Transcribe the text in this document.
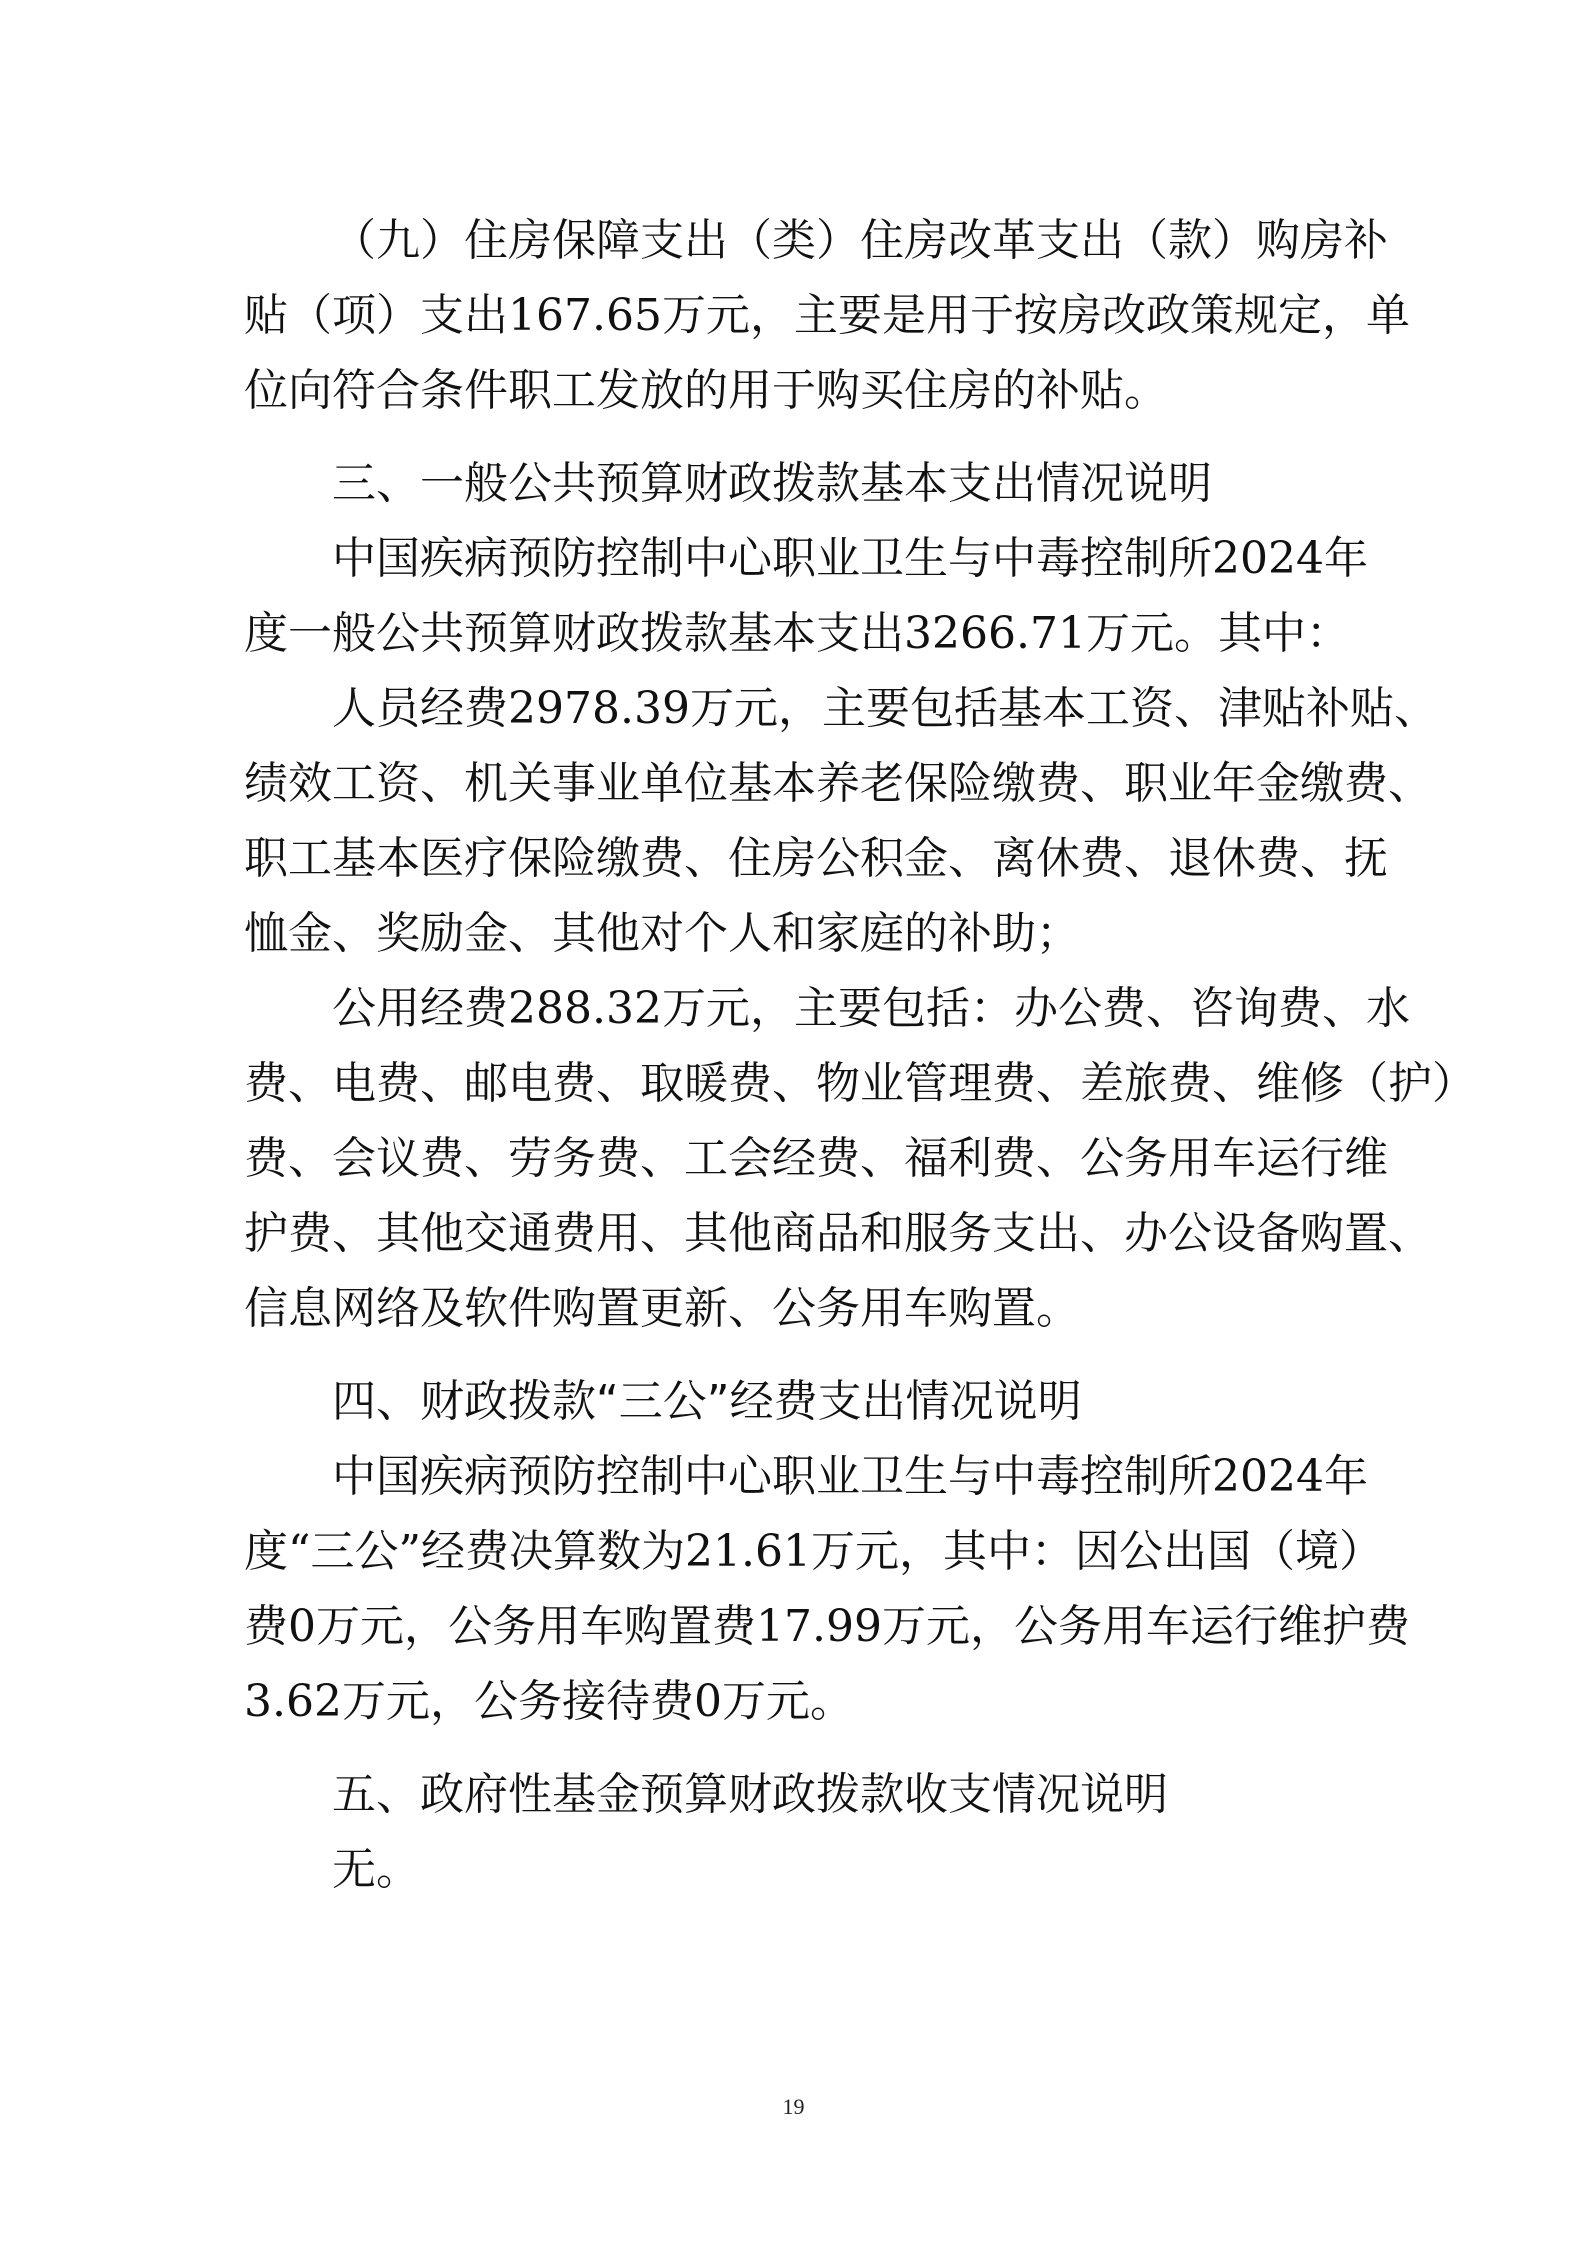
（九）住房保障支出（类）住房改革支出（款）购房补
贴（项）支出167.65万元，主要是用于按房改政策规定，单
位向符合条件职工发放的用于购买住房的补贴。
三、一般公共预算财政拨款基本支出情况说明
中国疾病预防控制中心职业卫生与中毒控制所2024年
度一般公共预算财政拨款基本支出3266.71万元。其中：
人员经费2978.39万元，主要包括基本工资、津贴补贴、
绩效工资、机关事业单位基本养老保险缴费、职业年金缴费、
职工基本医疗保险缴费、住房公积金、离休费、退休费、抚
恤金、奖励金、其他对个人和家庭的补助；
公用经费288.32万元，主要包括：办公费、咨询费、水
费、电费、邮电费、取暖费、物业管理费、差旅费、维修（护）
费、会议费、劳务费、工会经费、福利费、公务用车运行维
护费、其他交通费用、其他商品和服务支出、办公设备购置、
信息网络及软件购置更新、公务用车购置。
四、财政拨款“三公”经费支出情况说明
中国疾病预防控制中心职业卫生与中毒控制所2024年
度“三公”经费决算数为21.61万元，其中：因公出国（境）
费0万元，公务用车购置费17.99万元，公务用车运行维护费
3.62万元，公务接待费0万元。
五、政府性基金预算财政拨款收支情况说明
无。
19
